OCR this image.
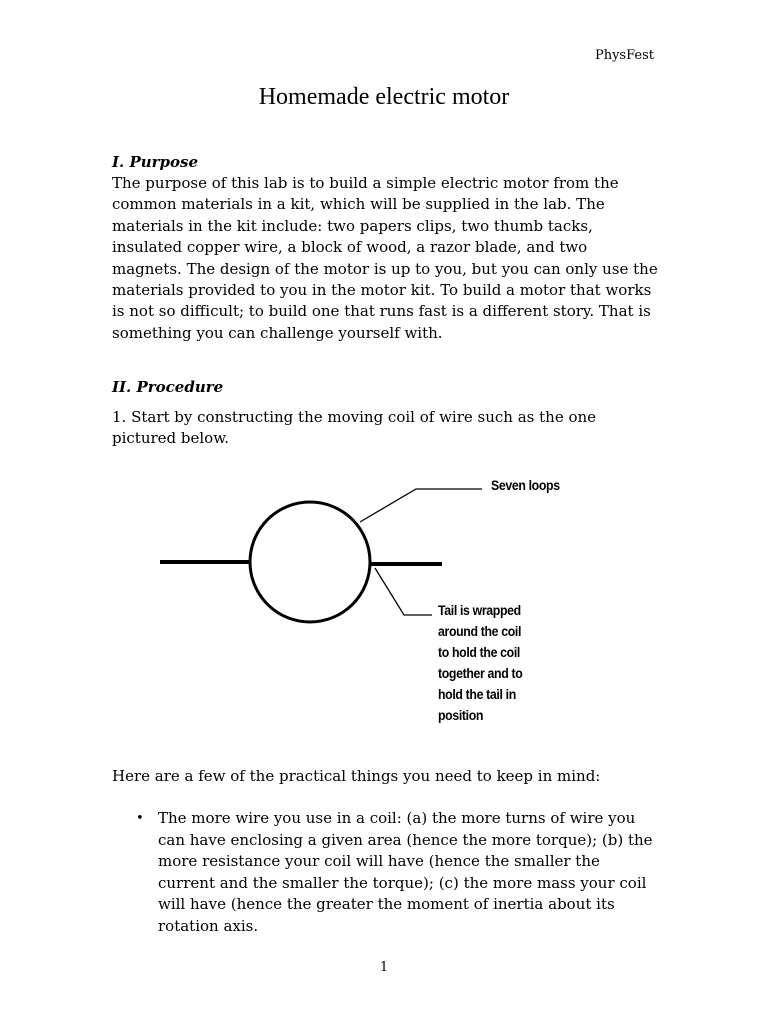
PhysFest
Homemade electric motor
I. Purpose
The purpose of this lab is to build a simple electric motor from the common materials in a kit, which will be supplied in the lab. The materials in the kit include: two papers clips, two thumb tacks, insulated copper wire, a block of wood, a razor blade, and two magnets. The design of the motor is up to you, but you can only use the materials provided to you in the motor kit. To build a motor that works is not so difficult; to build one that runs fast is a different story. That is something you can challenge yourself with.
II. Procedure
1. Start by constructing the moving coil of wire such as the one pictured below.
Seven loops
Tail is wrapped
around the coil
to hold the coil
together and to
hold the tail in
position
Here are a few of the practical things you need to keep in mind:
• The more wire you use in a coil: (a) the more turns of wire you can have enclosing a given area (hence the more torque); (b) the more resistance your coil will have (hence the smaller the current and the smaller the torque); (c) the more mass your coil will have (hence the greater the moment of inertia about its rotation axis.
1
